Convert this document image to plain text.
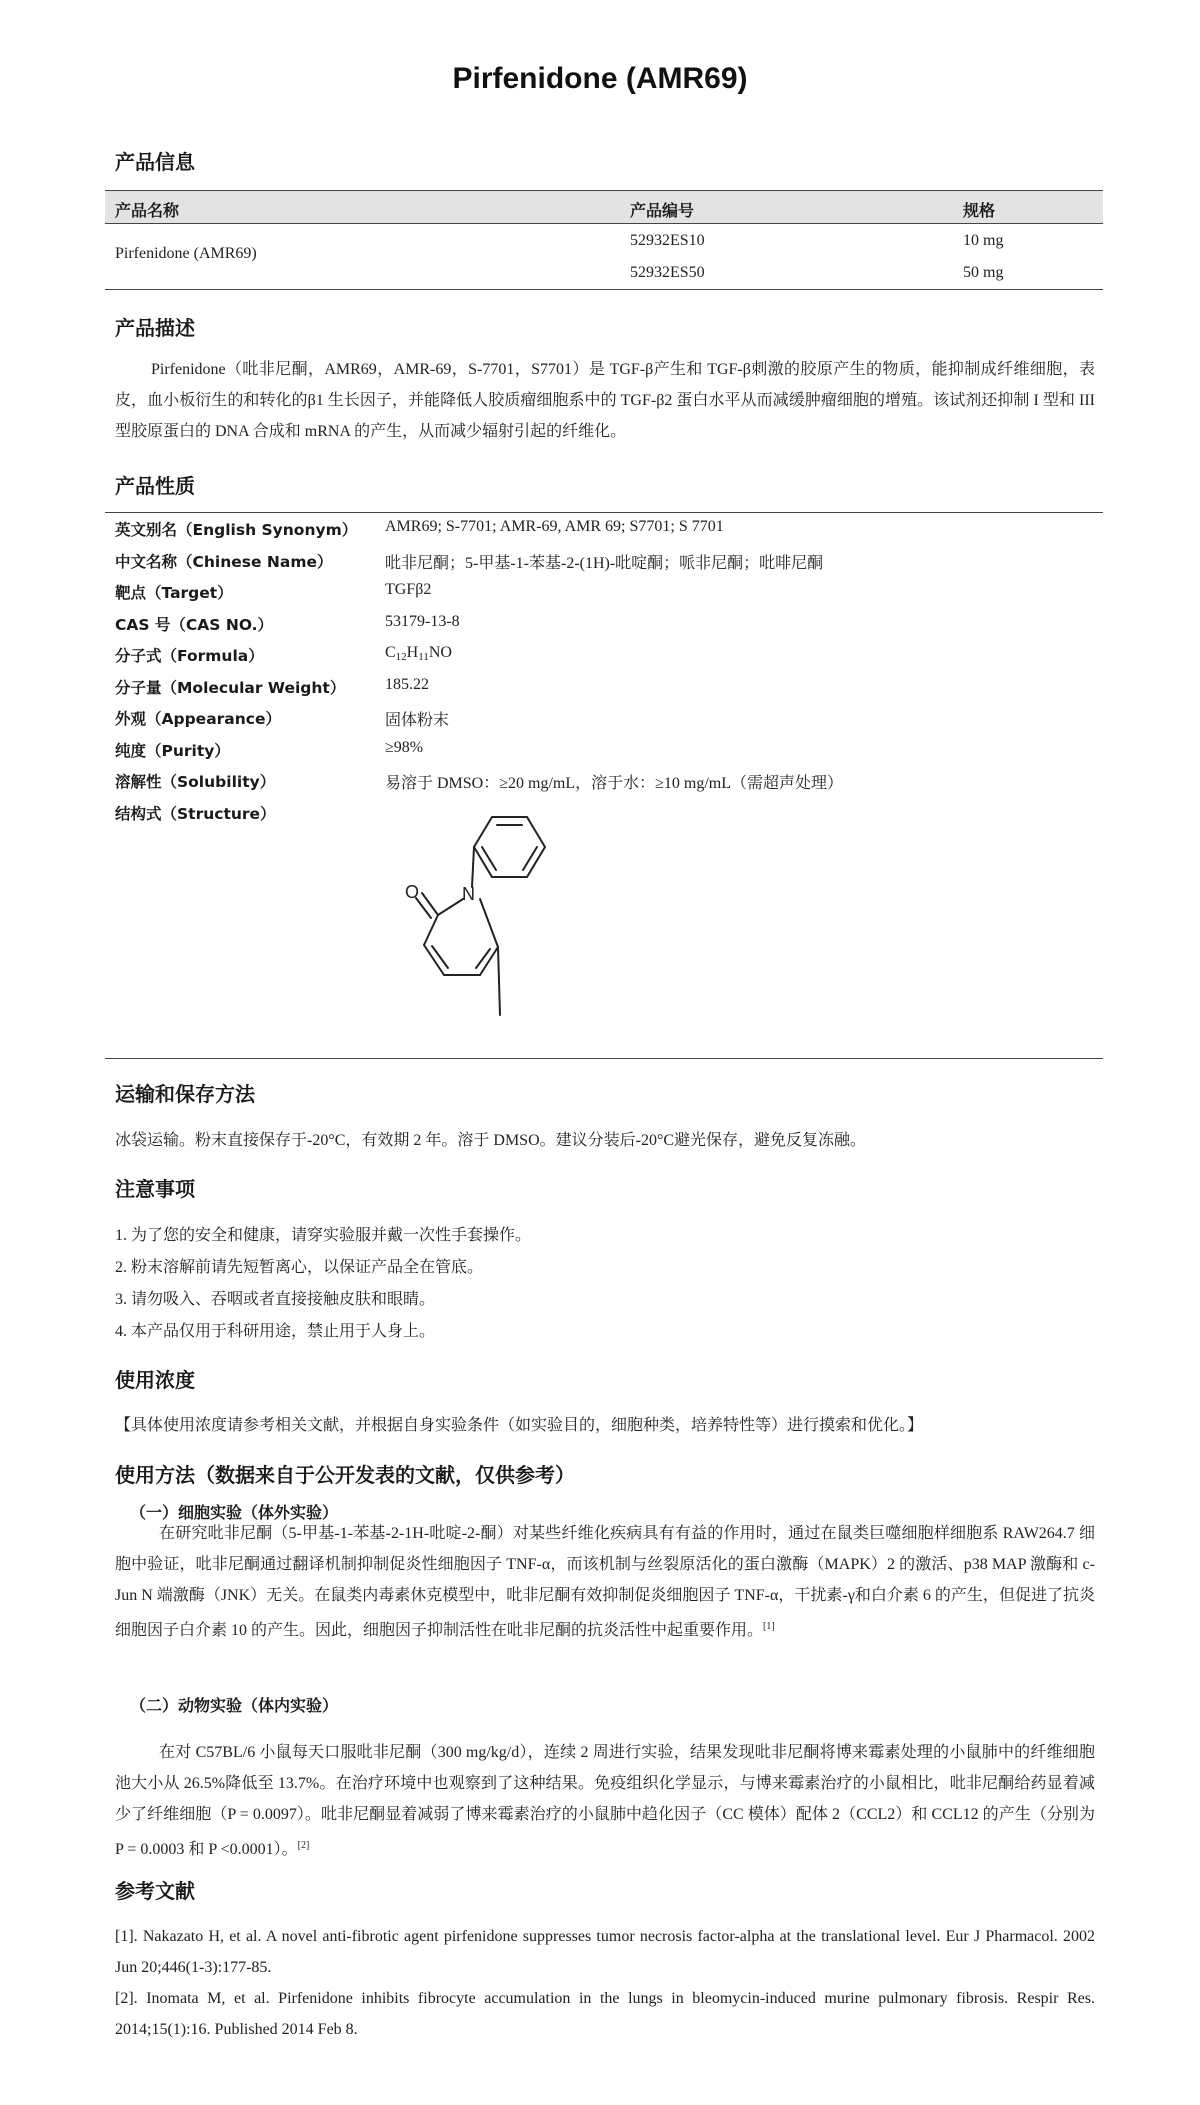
Pirfenidone (AMR69)
产品信息
产品名称	产品编号	规格
Pirfenidone (AMR69)
52932ES10	10 mg
52932ES50	50 mg
产品描述
Pirfenidone（吡非尼酮，AMR69，AMR-69，S-7701，S7701）是 TGF-β产生和 TGF-β刺激的胶原产生的物质，能抑制成纤维细胞，表皮，血小板衍生的和转化的β1 生长因子，并能降低人胶质瘤细胞系中的 TGF-β2 蛋白水平从而减缓肿瘤细胞的增殖。该试剂还抑制 I 型和 III 型胶原蛋白的 DNA 合成和 mRNA 的产生，从而减少辐射引起的纤维化。
产品性质
英文别名（English Synonym） AMR69; S-7701; AMR-69, AMR 69; S7701; S 7701
中文名称（Chinese Name）	吡非尼酮；5-甲基-1-苯基-2-(1H)-吡啶酮；哌非尼酮；吡啡尼酮
靶点（Target）	TGFβ2
CAS 号（CAS NO.）	53179-13-8
分子式（Formula）	$C_{12}H_{11}NO$
分子量（Molecular Weight） 185.22
外观（Appearance）	固体粉末
纯度（Purity）	≥98%
溶解性（Solubility）	易溶于 DMSO：≥20 mg/mL，溶于水：≥10 mg/mL（需超声处理）
结构式（Structure）
O N
运输和保存方法
冰袋运输。粉末直接保存于-20°C，有效期 2 年。溶于 DMSO。建议分装后-20°C避光保存，避免反复冻融。
注意事项
1. 为了您的安全和健康，请穿实验服并戴一次性手套操作。
2. 粉末溶解前请先短暂离心，以保证产品全在管底。
3. 请勿吸入、吞咽或者直接接触皮肤和眼睛。
4. 本产品仅用于科研用途，禁止用于人身上。
使用浓度
【具体使用浓度请参考相关文献，并根据自身实验条件（如实验目的，细胞种类，培养特性等）进行摸索和优化。】
使用方法（数据来自于公开发表的文献，仅供参考）
（一）细胞实验（体外实验）
在研究吡非尼酮（5-甲基-1-苯基-2-1H-吡啶-2-酮）对某些纤维化疾病具有有益的作用时，通过在鼠类巨噬细胞样细胞系 RAW264.7 细胞中验证，吡非尼酮通过翻译机制抑制促炎性细胞因子 TNF-α，而该机制与丝裂原活化的蛋白激酶（MAPK）2 的激活、p38 MAP 激酶和 c-Jun N 端激酶（JNK）无关。在鼠类内毒素休克模型中，吡非尼酮有效抑制促炎细胞因子 TNF-α，干扰素-γ和白介素 6 的产生，但促进了抗炎细胞因子白介素 10 的产生。因此，细胞因子抑制活性在吡非尼酮的抗炎活性中起重要作用。[1]
（二）动物实验（体内实验）
在对 C57BL/6 小鼠每天口服吡非尼酮（300 mg/kg/d），连续 2 周进行实验，结果发现吡非尼酮将博来霉素处理的小鼠肺中的纤维细胞池大小从 26.5%降低至 13.7%。在治疗环境中也观察到了这种结果。免疫组织化学显示，与博来霉素治疗的小鼠相比，吡非尼酮给药显着减少了纤维细胞（P = 0.0097）。吡非尼酮显着减弱了博来霉素治疗的小鼠肺中趋化因子（CC 模体）配体 2（CCL2）和 CCL12 的产生（分别为 P = 0.0003 和 P <0.0001）。[2]
参考文献
[1]. Nakazato H, et al. A novel anti-fibrotic agent pirfenidone suppresses tumor necrosis factor-alpha at the translational level. Eur J Pharmacol. 2002 Jun 20;446(1-3):177-85.
[2]. Inomata M, et al. Pirfenidone inhibits fibrocyte accumulation in the lungs in bleomycin-induced murine pulmonary fibrosis. Respir Res. 2014;15(1):16. Published 2014 Feb 8.
